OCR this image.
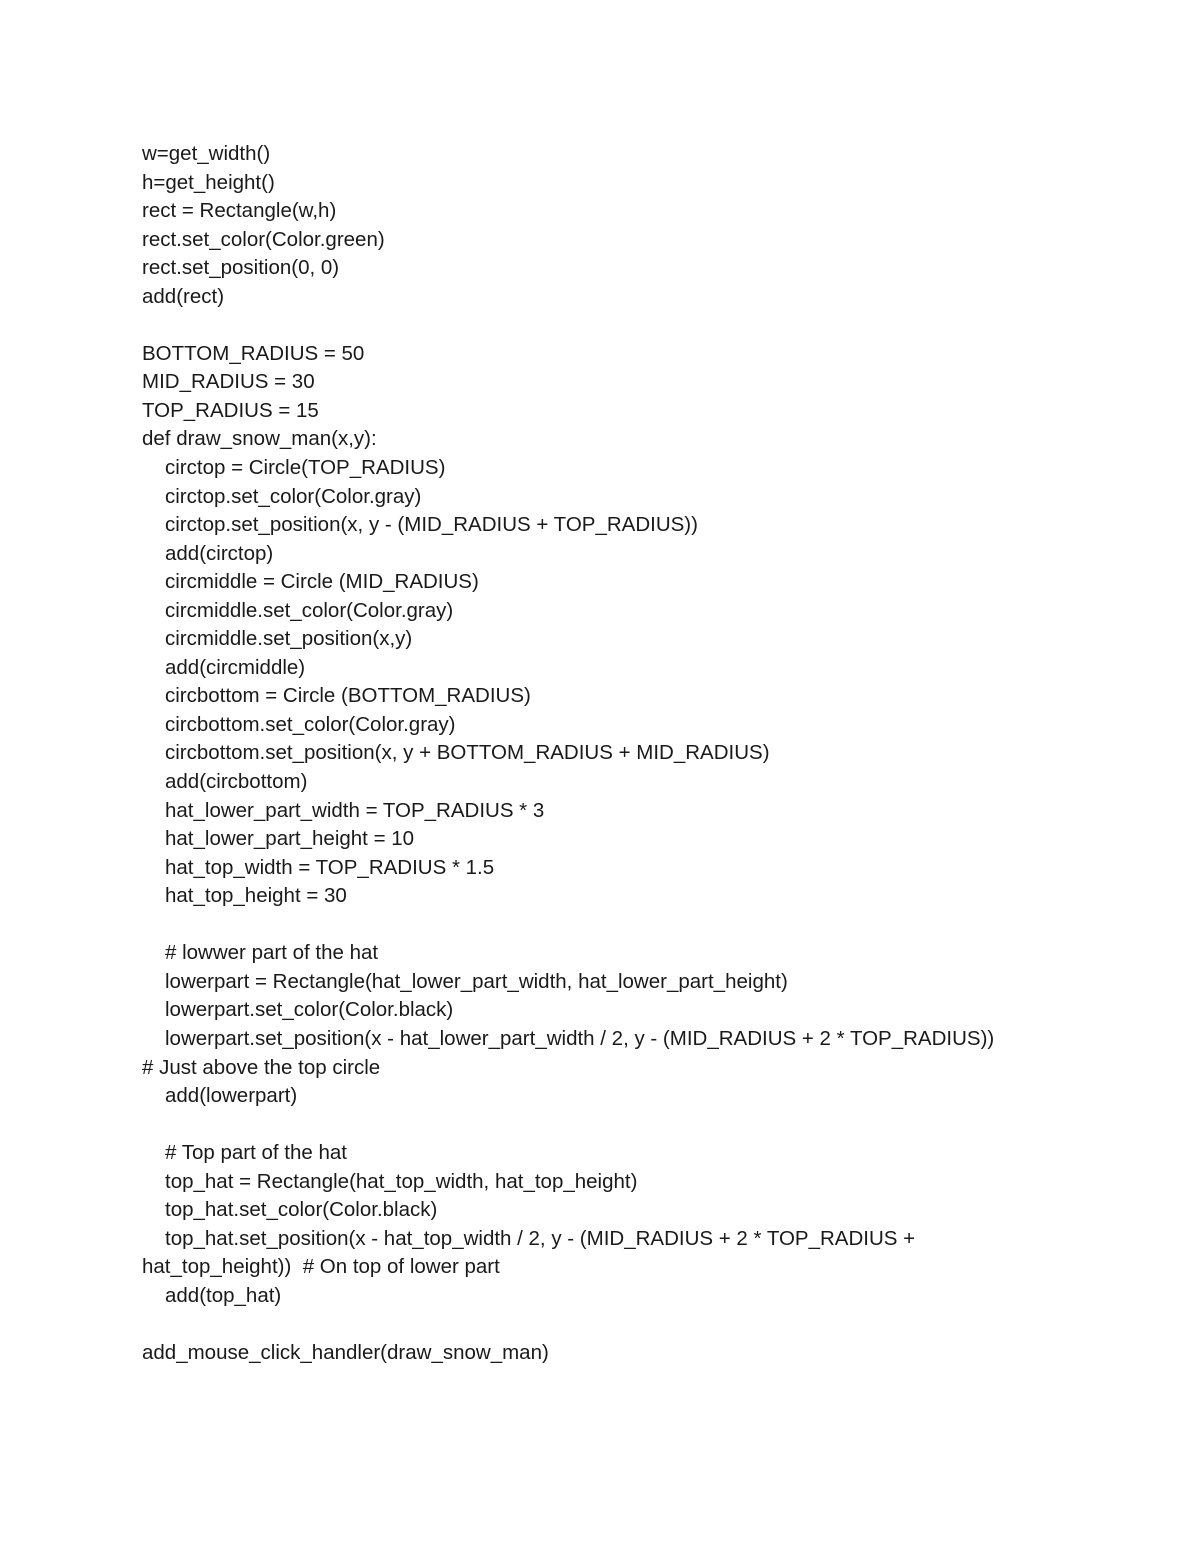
w=get_width()
h=get_height()
rect = Rectangle(w,h)
rect.set_color(Color.green)
rect.set_position(0, 0)
add(rect)
BOTTOM_RADIUS = 50
MID_RADIUS = 30
TOP_RADIUS = 15
def draw_snow_man(x,y):
circtop = Circle(TOP_RADIUS)
circtop.set_color(Color.gray)
circtop.set_position(x, y - (MID_RADIUS + TOP_RADIUS))
add(circtop)
circmiddle = Circle (MID_RADIUS)
circmiddle.set_color(Color.gray)
circmiddle.set_position(x,y)
add(circmiddle)
circbottom = Circle (BOTTOM_RADIUS)
circbottom.set_color(Color.gray)
circbottom.set_position(x, y + BOTTOM_RADIUS + MID_RADIUS)
add(circbottom)
hat_lower_part_width = TOP_RADIUS * 3
hat_lower_part_height = 10
hat_top_width = TOP_RADIUS * 1.5
hat_top_height = 30
# lowwer part of the hat
lowerpart = Rectangle(hat_lower_part_width, hat_lower_part_height)
lowerpart.set_color(Color.black)
lowerpart.set_position(x - hat_lower_part_width / 2, y - (MID_RADIUS + 2 * TOP_RADIUS))
# Just above the top circle
add(lowerpart)
# Top part of the hat
top_hat = Rectangle(hat_top_width, hat_top_height)
top_hat.set_color(Color.black)
top_hat.set_position(x - hat_top_width / 2, y - (MID_RADIUS + 2 * TOP_RADIUS +
hat_top_height))  # On top of lower part
add(top_hat)
add_mouse_click_handler(draw_snow_man)
